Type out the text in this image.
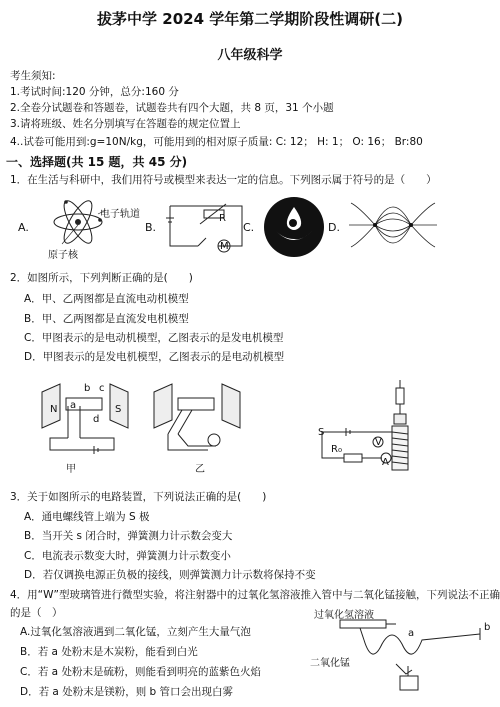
拔茅中学 2024 学年第二学期阶段性调研(二)
八年级科学
考生须知:
1.考试时间:120 分钟，总分:160 分
2.全卷分试题卷和答题卷，试题卷共有四个大题，共 8 页，31 个小题
3.请将班级、姓名分别填写在答题卷的规定位置上
4..试卷可能用到:g=10N/kg，可能用到的相对原子质量: C: 12； H: 1； O: 16； Br:80
一、选择题(共 15 题，共 45 分)
1．在生活与科研中，我们用符号或模型来表达一定的信息。下列图示属于符号的是（　　）
A.
电子轨道
原子核
B.
R
M
C.	D.
2．如图所示，下列判断正确的是(　　)
A．甲、乙两图都是直流电动机模型
B．甲、乙两图都是直流发电机模型
C．甲图表示的是电动机模型，乙图表示的是发电机模型
D．甲图表示的是发电机模型，乙图表示的是电动机模型
N	S
b c
a
d
甲	乙
S
R₀
V
A
3．关于如图所示的电路装置，下列说法正确的是(　　)
A．通电螺线管上端为 S 极
B．当开关 s 闭合时，弹簧测力计示数会变大
C．电流表示数变大时，弹簧测力计示数变小
D．若仅调换电源正负极的接线，则弹簧测力计示数将保持不变
4．用“W”型玻璃管进行微型实验，将注射器中的过氧化氢溶液推入管中与二氧化锰接触，下列说法不正确
的是（　）
A.过氧化氢溶液遇到二氧化锰，立刻产生大量气泡
B．若 a 处粉末是木炭粉，能看到白光
C．若 a 处粉末是硫粉，则能看到明亮的蓝紫色火焰
D．若 a 处粉末是镁粉，则 b 管口会出现白雾
过氧化氢溶液
二氧化锰
a
b
